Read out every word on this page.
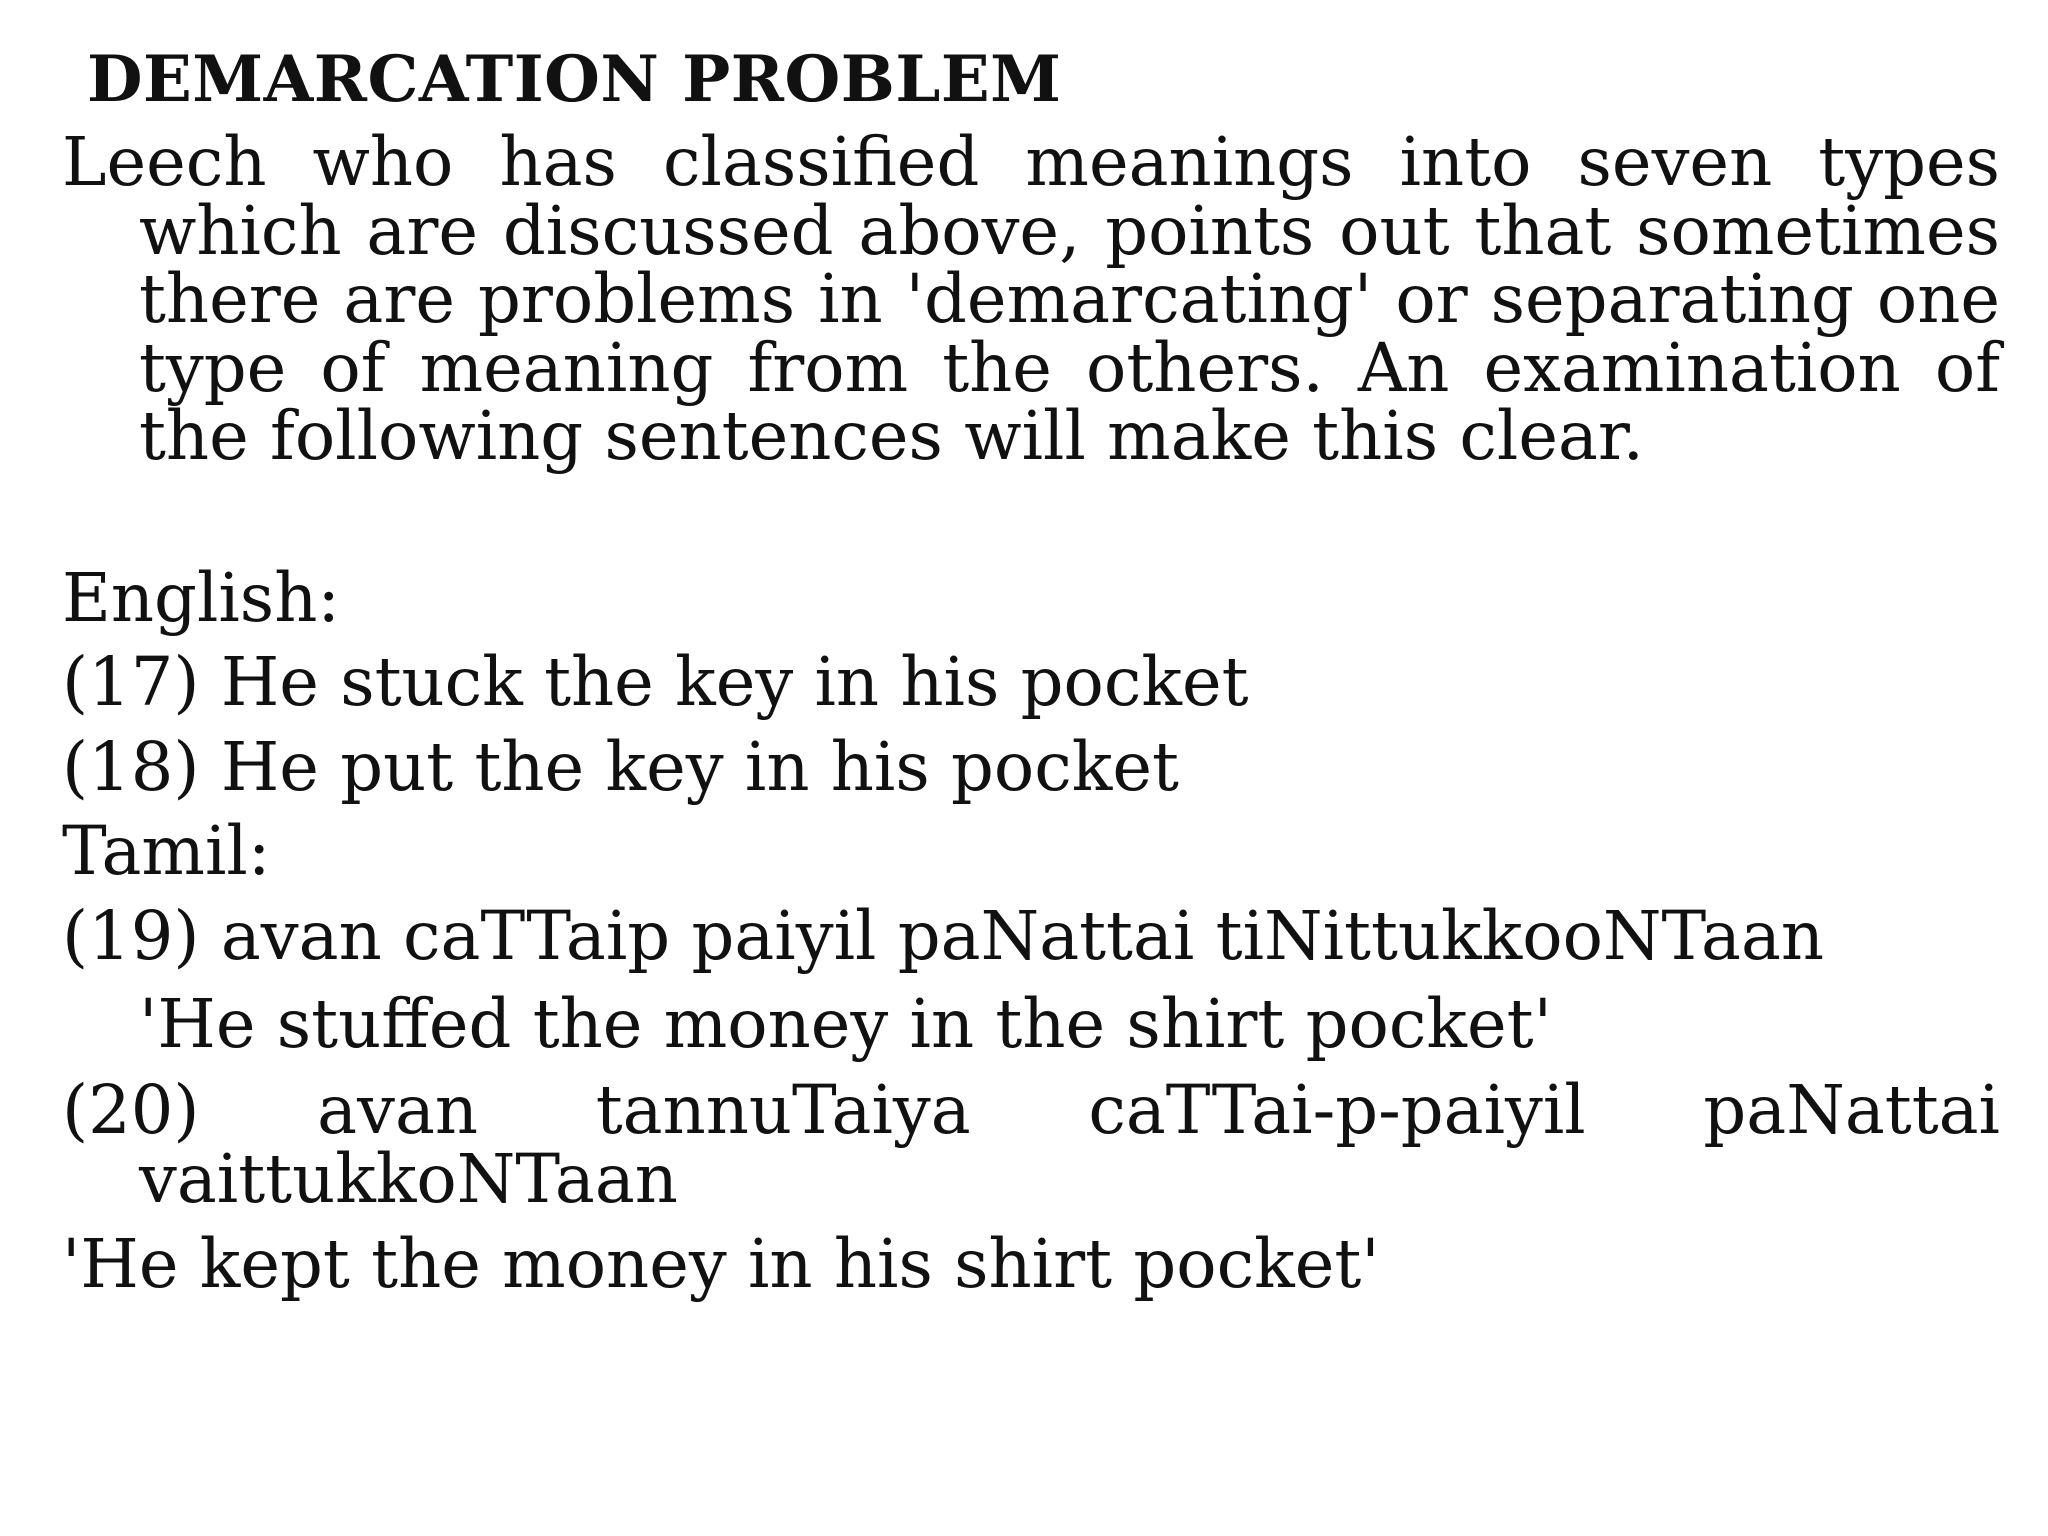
DEMARCATION PROBLEM
Leech who has classified meanings into seven types which are discussed above, points out that sometimes there are problems in 'demarcating' or separating one type of meaning from the others. An examination of the following sentences will make this clear.
English:
(17) He stuck the key in his pocket
(18) He put the key in his pocket
Tamil:
(19) avan caTTaip paiyil paNattai tiNittukkooNTaan
'He stuffed the money in the shirt pocket'
(20) avan tannuTaiya caTTai-p-paiyil paNattai vaittukkoNTaan
'He kept the money in his shirt pocket'
